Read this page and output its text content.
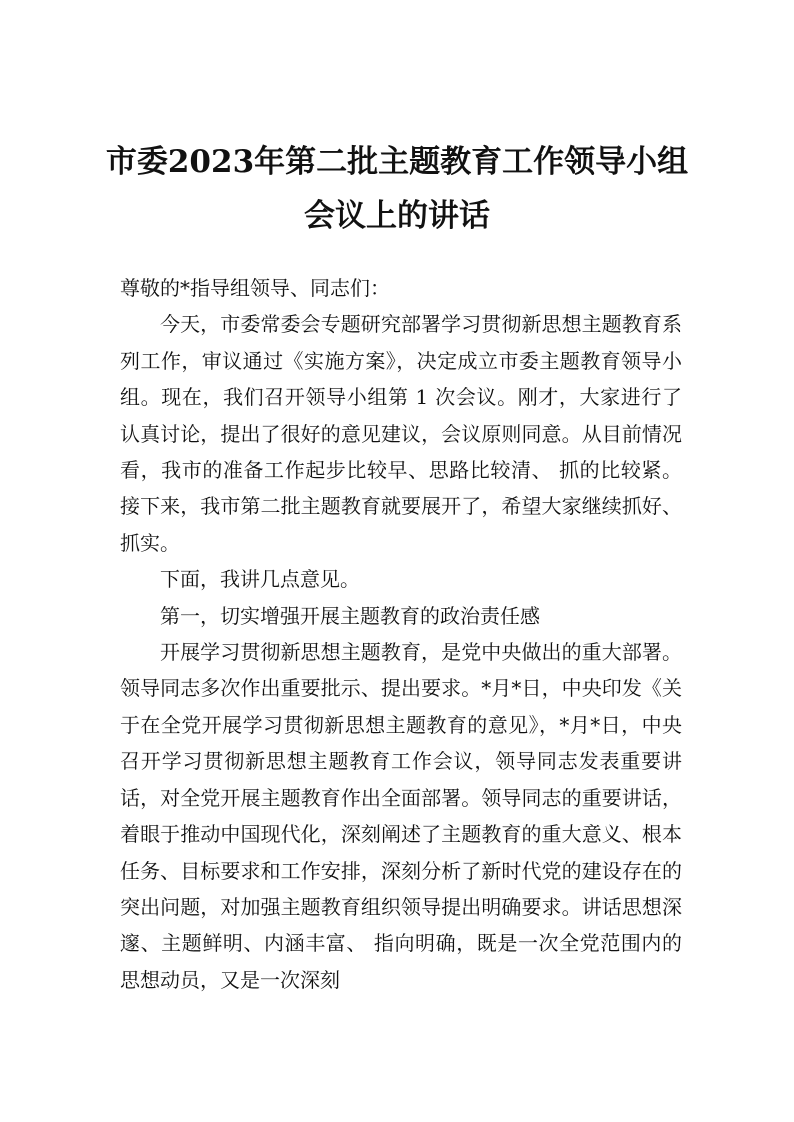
市委2023年第二批主题教育工作领导小组
会议上的讲话

尊敬的*指导组领导、同志们：

今天，市委常委会专题研究部署学习贯彻新思想主题教育系列工作，审议通过《实施方案》，决定成立市委主题教育领导小组。现在，我们召开领导小组第 1 次会议。刚才，大家进行了认真讨论，提出了很好的意见建议，会议原则同意。从目前情况看，我市的准备工作起步比较早、思路比较清、 抓的比较紧。接下来，我市第二批主题教育就要展开了，希望大家继续抓好、抓实。

下面，我讲几点意见。

第一，切实增强开展主题教育的政治责任感

开展学习贯彻新思想主题教育，是党中央做出的重大部署。领导同志多次作出重要批示、提出要求。*月*日，中央印发《关于在全党开展学习贯彻新思想主题教育的意见》，*月*日，中央召开学习贯彻新思想主题教育工作会议，领导同志发表重要讲话，对全党开展主题教育作出全面部署。领导同志的重要讲话，着眼于推动中国现代化，深刻阐述了主题教育的重大意义、根本任务、目标要求和工作安排，深刻分析了新时代党的建设存在的突出问题，对加强主题教育组织领导提出明确要求。讲话思想深邃、主题鲜明、内涵丰富、 指向明确，既是一次全党范围内的思想动员，又是一次深刻
